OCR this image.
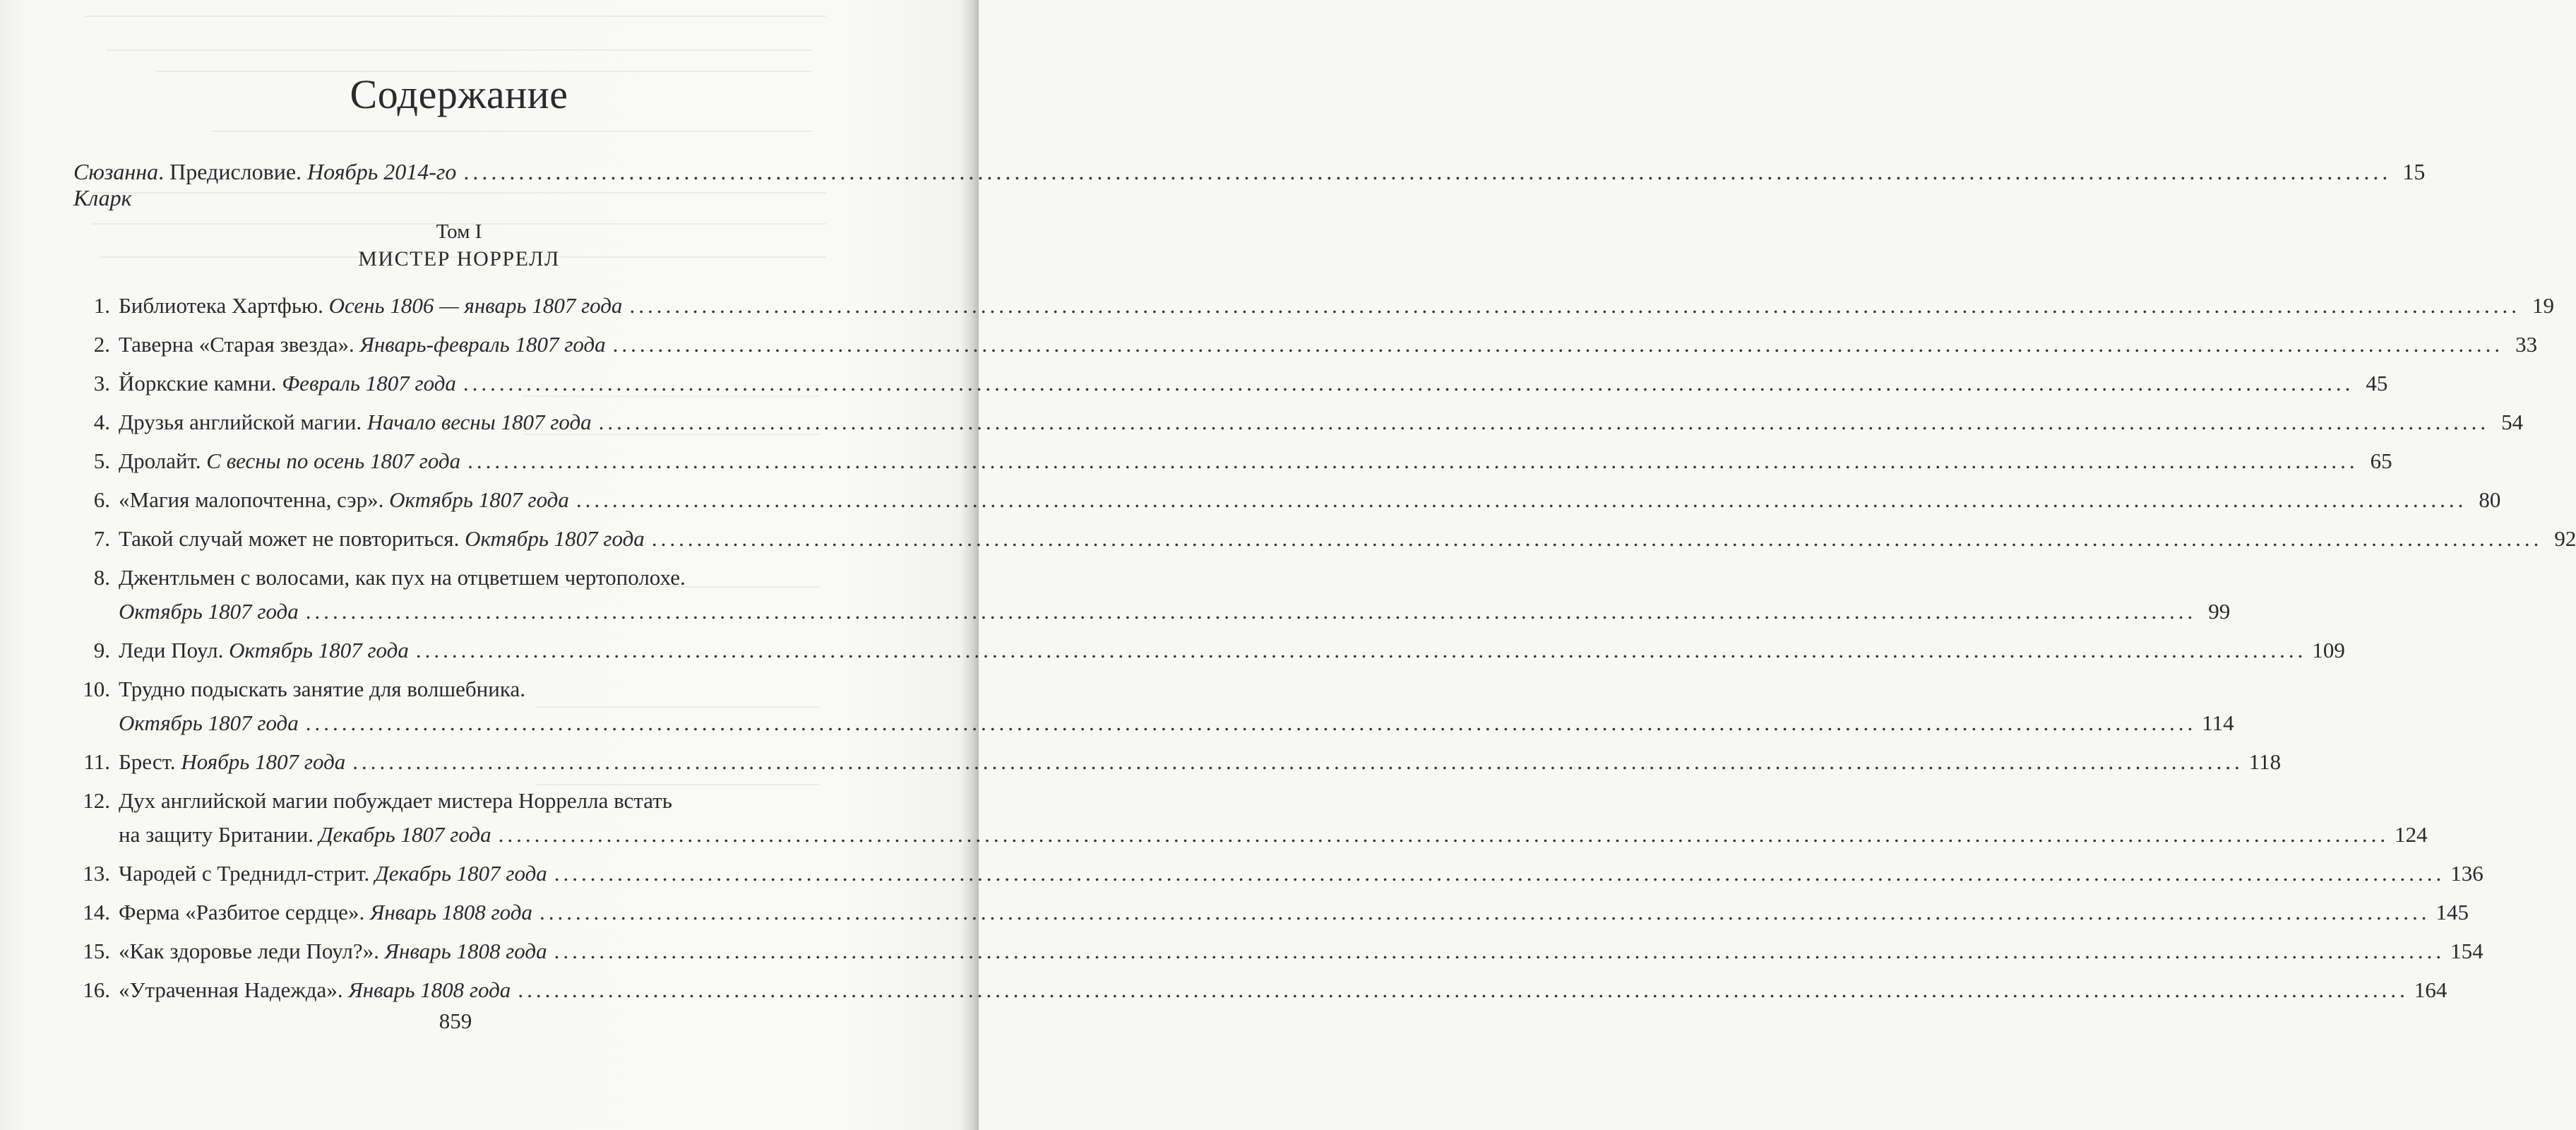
Содержание
Сюзанна Кларк
. Предисловие . Ноябрь 2014-го .................................................................................................................................................................................................................. 15
Том I
МИСТЕР НОРРЕЛЛ
1. Библиотека Хартфью.
Осень 1806 — январь 1807 года .................................................................................................................................................................................................................. 19
2. Таверна «Старая звезда».
Январь-февраль 1807 года .................................................................................................................................................................................................................. 33
3. Йоркские камни.
Февраль 1807 года .................................................................................................................................................................................................................. 45
4. Друзья английской магии.
Начало весны 1807 года .................................................................................................................................................................................................................. 54
5. Дролайт.
С весны по осень 1807 года .................................................................................................................................................................................................................. 65
6. «Магия малопочтенна, сэр».
Октябрь 1807 года .................................................................................................................................................................................................................. 80
7. Такой случай может не повториться.
Октябрь 1807 года .................................................................................................................................................................................................................. 92
8. Джентльмен с волосами, как пух на отцветшем чертополохе.
Октябрь 1807 года .................................................................................................................................................................................................................. 99
9. Леди Поул.
Октябрь 1807 года .................................................................................................................................................................................................................. 109
10. Трудно подыскать занятие для волшебника.
Октябрь 1807 года .................................................................................................................................................................................................................. 114
11. Брест.
Ноябрь 1807 года .................................................................................................................................................................................................................. 118
12. Дух английской магии побуждает мистера Норрелла встать
на защиту Британии.
Декабрь 1807 года .................................................................................................................................................................................................................. 124
13. Чародей с Треднидл-стрит.
Декабрь 1807 года .................................................................................................................................................................................................................. 136
14. Ферма «Разбитое сердце».
Январь 1808 года .................................................................................................................................................................................................................. 145
15. «Как здоровье леди Поул?».
Январь 1808 года .................................................................................................................................................................................................................. 154
16. «Утраченная Надежда».
Январь 1808 года .................................................................................................................................................................................................................. 164
859
